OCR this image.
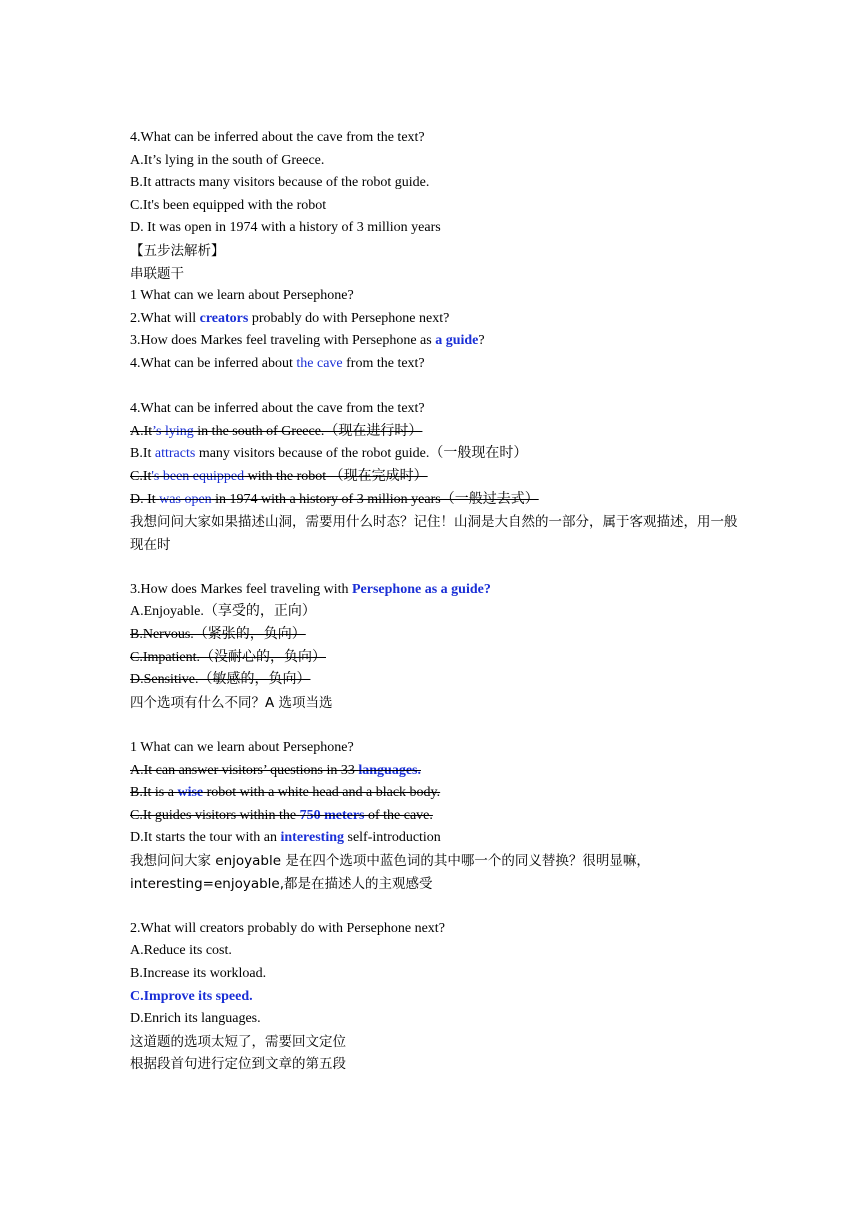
4.What can be inferred about the cave from the text?
A.It’s lying in the south of Greece.
B.It attracts many visitors because of the robot guide.
C.It's been equipped with the robot
D. It was open in 1974 with a history of 3 million years
【五步法解析】
串联题干
1 What can we learn about Persephone?
2.What will creators probably do with Persephone next?
3.How does Markes feel traveling with Persephone as a guide?
4.What can be inferred about the cave from the text?
4.What can be inferred about the cave from the text?
A.It’s lying in the south of Greece.（现在进行时）
B.It attracts many visitors because of the robot guide.（一般现在时）
C.It's been equipped with the robot （现在完成时）
D. It was open in 1974 with a history of 3 million years（一般过去式）
我想问问大家如果描述山洞，需要用什么时态？记住！山洞是大自然的一部分，属于客观描述，用一般现在时
3.How does Markes feel traveling with Persephone as a guide?
A.Enjoyable.（享受的，正向）
B.Nervous.（紧张的，负向）
C.Impatient.（没耐心的，负向）
D.Sensitive.（敏感的，负向）
四个选项有什么不同？A 选项当选
1 What can we learn about Persephone?
A.It can answer visitors’ questions in 33 languages.
B.It is a wise robot with a white head and a black body.
C.It guides visitors within the 750 meters of the cave.
D.It starts the tour with an interesting self-introduction
我想问问大家 enjoyable 是在四个选项中蓝色词的其中哪一个的同义替换？很明显嘛，interesting=enjoyable,都是在描述人的主观感受
2.What will creators probably do with Persephone next?
A.Reduce its cost.
B.Increase its workload.
C.Improve its speed.
D.Enrich its languages.
这道题的选项太短了，需要回文定位
根据段首句进行定位到文章的第五段
